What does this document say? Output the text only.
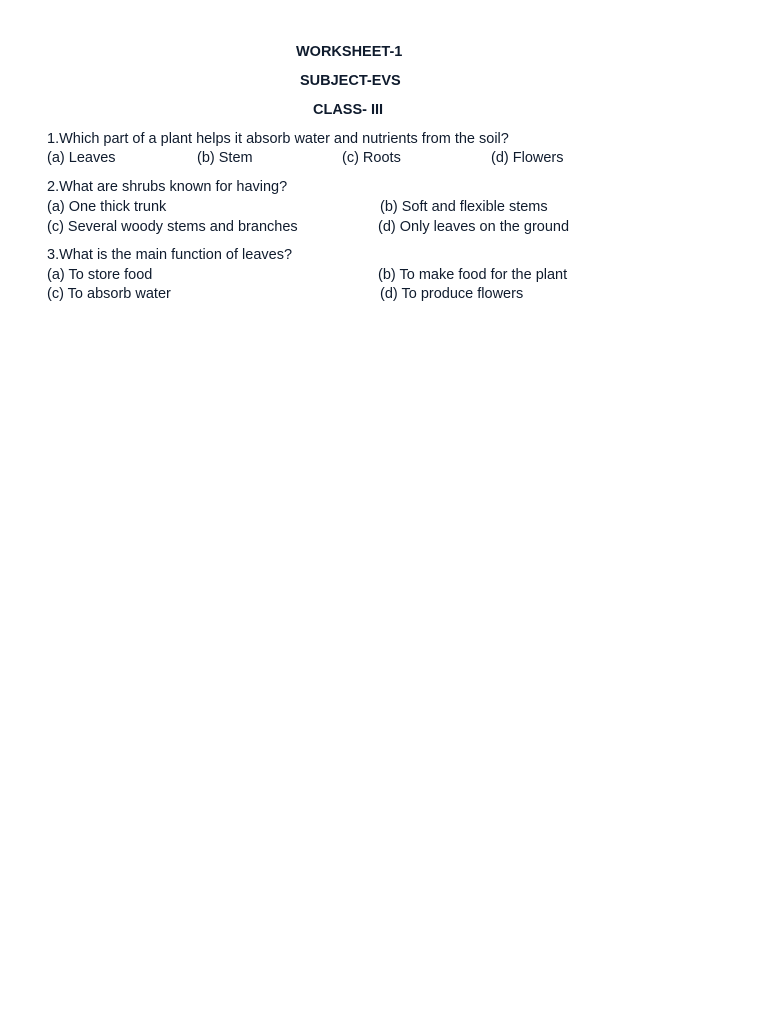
WORKSHEET-1
SUBJECT-EVS
CLASS- III
1.Which part of a plant helps it absorb water and nutrients from the soil?
(a) Leaves	(b) Stem	(c) Roots	(d) Flowers
2.What are shrubs known for having?
(a) One thick trunk	(b) Soft and flexible stems
(c) Several woody stems and branches	(d) Only leaves on the ground
3.What is the main function of leaves?
(a) To store food	(b) To make food for the plant
(c) To absorb water	(d) To produce flowers
